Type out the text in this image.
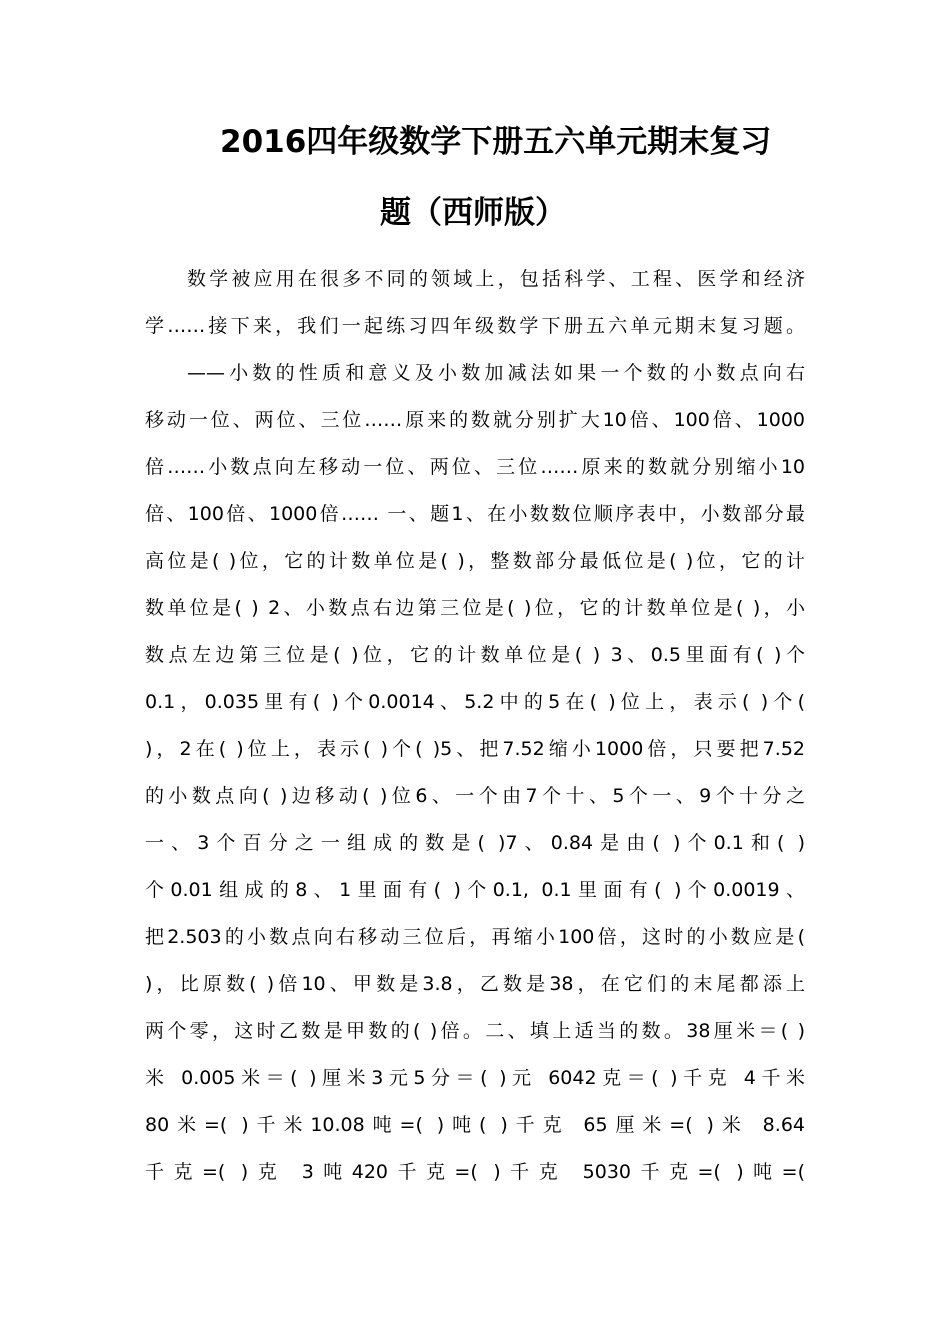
2016四年级数学下册五六单元期末复习
题（西师版）
数学被应用在很多不同的领域上，包括科学、工程、医学和经济
学……接下来，我们一起练习四年级数学下册五六单元期末复习题。
——小数的性质和意义及小数加减法如果一个数的小数点向右
移动一位、两位、三位……原来的数就分别扩大10倍、100倍、1000
倍……小数点向左移动一位、两位、三位……原来的数就分别缩小10
倍、100倍、1000倍…… 一、题1、在小数数位顺序表中，小数部分最
高位是( )位，它的计数单位是( )，整数部分最低位是( )位，它的计
数单位是( ) 2、小数点右边第三位是( )位，它的计数单位是( )，小
数点左边第三位是( )位，它的计数单位是( ) 3、0.5里面有( )个
0.1，0.035里有( )个0.0014、5.2中的5在( )位上，表示( )个(
)，2在( )位上，表示( )个( )5、把7.52缩小1000倍，只要把7.52
的小数点向( )边移动( )位6、一个由7个十、5个一、9个十分之
一、3个百分之一组成的数是( )7、0.84是由( )个0.1和( )
个0.01组成的8、1里面有( )个0.1, 0.1里面有( )个0.0019、
把2.503的小数点向右移动三位后，再缩小100倍，这时的小数应是(
)，比原数( )倍10、甲数是3.8，乙数是38，在它们的末尾都添上
两个零，这时乙数是甲数的( )倍。二、填上适当的数。38厘米＝( )
米 0.005米＝( )厘米3元5分＝( )元 6042克＝( )千克 4千米
80米=( )千米10.08吨=( )吨( )千克 65厘米=( )米 8.64
千克=( )克 3吨420千克=( )千克 5030千克=( )吨=(
